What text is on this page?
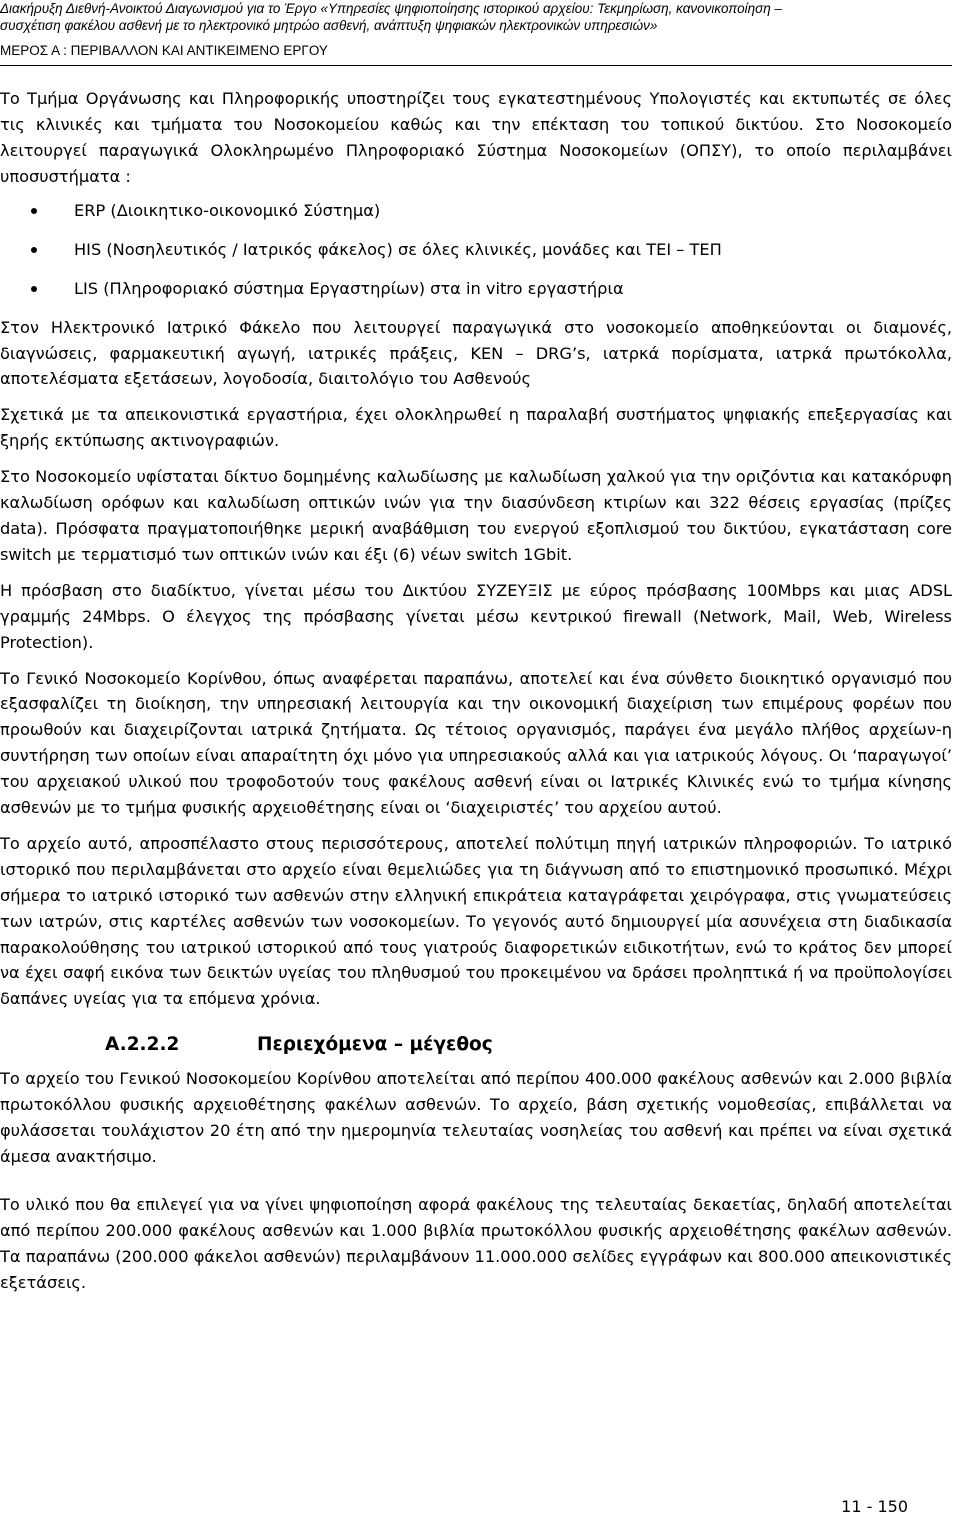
Διακήρυξη Διεθνή-Ανοικτού Διαγωνισμού για το Έργο «Υπηρεσίες ψηφιοποίησης ιστορικού αρχείου: Τεκμηρίωση, κανονικοποίηση –
συσχέτιση φακέλου ασθενή με το ηλεκτρονικό μητρώο ασθενή, ανάπτυξη ψηφιακών ηλεκτρονικών υπηρεσιών»
ΜΕΡΟΣ Α : ΠΕΡΙΒΑΛΛΟΝ ΚΑΙ ΑΝΤΙΚΕΙΜΕΝΟ ΕΡΓΟΥ

Το Τμήμα Οργάνωσης και Πληροφορικής υποστηρίζει τους εγκατεστημένους Υπολογιστές και εκτυπωτές σε όλες τις κλινικές και τμήματα του Νοσοκομείου καθώς και την επέκταση του τοπικού δικτύου. Στο Νοσοκομείο λειτουργεί παραγωγικά Ολοκληρωμένο Πληροφοριακό Σύστημα Νοσοκομείων (ΟΠΣΥ), το οποίο περιλαμβάνει υποσυστήματα :

ERP (Διοικητικο-οικονομικό Σύστημα)
HIS (Νοσηλευτικός / Ιατρικός φάκελος) σε όλες κλινικές, μονάδες και ΤΕΙ – ΤΕΠ
LIS (Πληροφοριακό σύστημα Εργαστηρίων) στα in vitro εργαστήρια

Στον Ηλεκτρονικό Ιατρικό Φάκελο που λειτουργεί παραγωγικά στο νοσοκομείο αποθηκεύονται οι διαμονές, διαγνώσεις, φαρμακευτική αγωγή, ιατρικές πράξεις, ΚΕΝ – DRG’s, ιατρκά πορίσματα, ιατρκά πρωτόκολλα, αποτελέσματα εξετάσεων, λογοδοσία, διαιτολόγιο του Ασθενούς

Σχετικά με τα απεικονιστικά εργαστήρια, έχει ολοκληρωθεί η παραλαβή συστήματος ψηφιακής επεξεργασίας και ξηρής εκτύπωσης ακτινογραφιών.

Στο Νοσοκομείο υφίσταται δίκτυο δομημένης καλωδίωσης με καλωδίωση χαλκού για την οριζόντια και κατακόρυφη καλωδίωση ορόφων και καλωδίωση οπτικών ινών για την διασύνδεση κτιρίων και 322 θέσεις εργασίας (πρίζες data). Πρόσφατα πραγματοποιήθηκε μερική αναβάθμιση του ενεργού εξοπλισμού του δικτύου, εγκατάσταση core switch με τερματισμό των οπτικών ινών και έξι (6) νέων switch 1Gbit.

Η πρόσβαση στο διαδίκτυο, γίνεται μέσω του Δικτύου ΣΥΖΕΥΞΙΣ με εύρος πρόσβασης 100Mbps και μιας ADSL γραμμής 24Mbps. Ο έλεγχος της πρόσβασης γίνεται μέσω κεντρικού firewall (Network, Mail, Web, Wireless Protection).

Το Γενικό Νοσοκομείο Κορίνθου, όπως αναφέρεται παραπάνω, αποτελεί και ένα σύνθετο διοικητικό οργανισμό που εξασφαλίζει τη διοίκηση, την υπηρεσιακή λειτουργία και την οικονομική διαχείριση των επιμέρους φορέων που προωθούν και διαχειρίζονται ιατρικά ζητήματα. Ως τέτοιος οργανισμός, παράγει ένα μεγάλο πλήθος αρχείων-η συντήρηση των οποίων είναι απαραίτητη όχι μόνο για υπηρεσιακούς αλλά και για ιατρικούς λόγους. Οι ‘παραγωγοί’ του αρχειακού υλικού που τροφοδοτούν τους φακέλους ασθενή είναι οι Ιατρικές Κλινικές ενώ το τμήμα κίνησης ασθενών με το τμήμα φυσικής αρχειοθέτησης είναι οι ‘διαχειριστές’ του αρχείου αυτού.

Το αρχείο αυτό, απροσπέλαστο στους περισσότερους, αποτελεί πολύτιμη πηγή ιατρικών πληροφοριών. Το ιατρικό ιστορικό που περιλαμβάνεται στο αρχείο είναι θεμελιώδες για τη διάγνωση από το επιστημονικό προσωπικό. Μέχρι σήμερα το ιατρικό ιστορικό των ασθενών στην ελληνική επικράτεια καταγράφεται χειρόγραφα, στις γνωματεύσεις των ιατρών, στις καρτέλες ασθενών των νοσοκομείων. Το γεγονός αυτό δημιουργεί μία ασυνέχεια στη διαδικασία παρακολούθησης του ιατρικού ιστορικού από τους γιατρούς διαφορετικών ειδικοτήτων, ενώ το κράτος δεν μπορεί να έχει σαφή εικόνα των δεικτών υγείας του πληθυσμού του προκειμένου να δράσει προληπτικά ή να προϋπολογίσει δαπάνες υγείας για τα επόμενα χρόνια.

A.2.2.2	Περιεχόμενα – μέγεθος

Το αρχείο του Γενικού Νοσοκομείου Κορίνθου αποτελείται από περίπου 400.000 φακέλους ασθενών και 2.000 βιβλία πρωτοκόλλου φυσικής αρχειοθέτησης φακέλων ασθενών. Το αρχείο, βάση σχετικής νομοθεσίας, επιβάλλεται να φυλάσσεται τουλάχιστον 20 έτη από την ημερομηνία τελευταίας νοσηλείας του ασθενή και πρέπει να είναι σχετικά άμεσα ανακτήσιμο.

Το υλικό που θα επιλεγεί για να γίνει ψηφιοποίηση αφορά φακέλους της τελευταίας δεκαετίας, δηλαδή αποτελείται από περίπου 200.000 φακέλους ασθενών και 1.000 βιβλία πρωτοκόλλου φυσικής αρχειοθέτησης φακέλων ασθενών. Τα παραπάνω (200.000 φάκελοι ασθενών) περιλαμβάνουν 11.000.000 σελίδες εγγράφων και 800.000 απεικονιστικές εξετάσεις.

11 - 150
